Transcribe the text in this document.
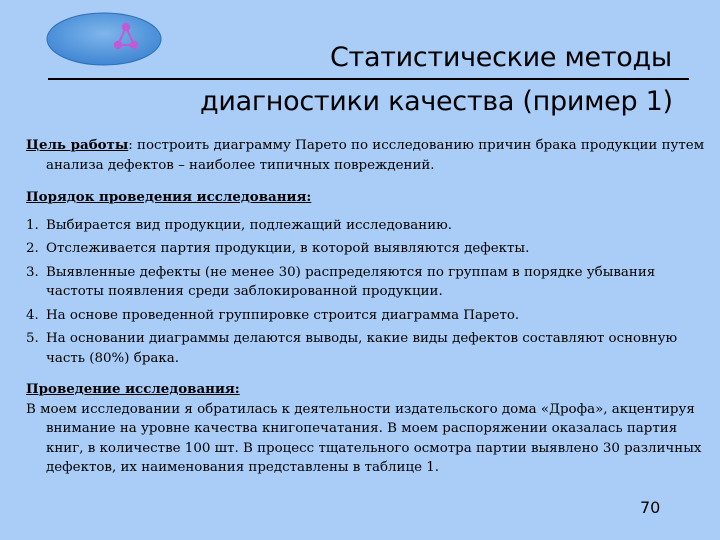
Статистические методы
диагностики качества (пример 1)

Цель работы: построить диаграмму Парето по исследованию причин брака продукции путем анализа дефектов – наиболее типичных повреждений.

Порядок проведения исследования:

1. Выбирается вид продукции, подлежащий исследованию.
2. Отслеживается партия продукции, в которой выявляются дефекты.
3. Выявленные дефекты (не менее 30) распределяются по группам в порядке убывания частоты появления среди заблокированной продукции.
4. На основе проведенной группировке строится диаграмма Парето.
5. На основании диаграммы делаются выводы, какие виды дефектов составляют основную часть (80%) брака.

Проведение исследования:

В моем исследовании я обратилась к деятельности издательского дома «Дрофа», акцентируя внимание на уровне качества книгопечатания. В моем распоряжении оказалась партия книг, в количестве 100 шт. В процесс тщательного осмотра партии выявлено 30 различных дефектов, их наименования представлены в таблице 1.

70
